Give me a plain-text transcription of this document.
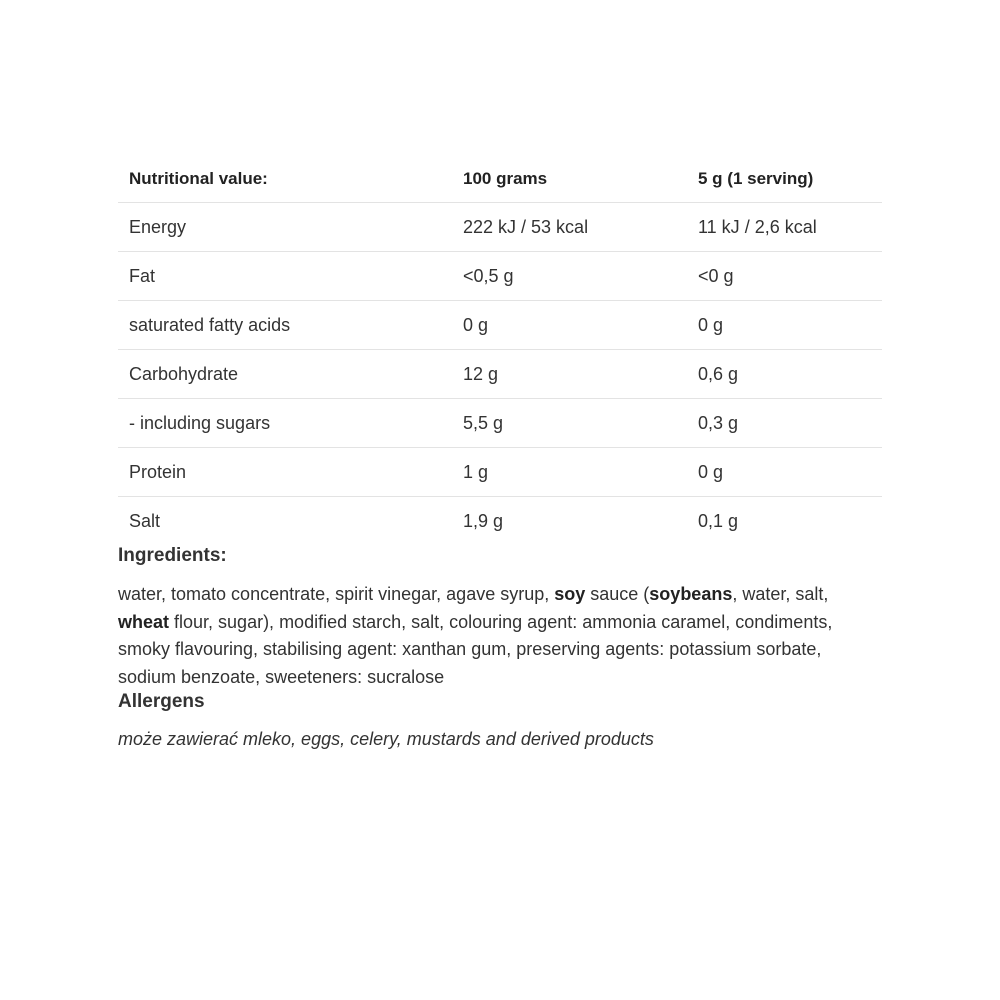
Nutritional value:	100 grams	5 g (1 serving)
Energy	222 kJ / 53 kcal	11 kJ / 2,6 kcal
Fat	<0,5 g	<0 g
saturated fatty acids	0 g	0 g
Carbohydrate	12 g	0,6 g
- including sugars	5,5 g	0,3 g
Protein	1 g	0 g
Salt	1,9 g	0,1 g
Ingredients:

water, tomato concentrate, spirit vinegar, agave syrup, soy sauce (soybeans, water, salt, wheat flour, sugar), modified starch, salt, colouring agent: ammonia caramel, condiments, smoky flavouring, stabilising agent: xanthan gum, preserving agents: potassium sorbate, sodium benzoate, sweeteners: sucralose

Allergens

może zawierać mleko, eggs, celery, mustards and derived products
